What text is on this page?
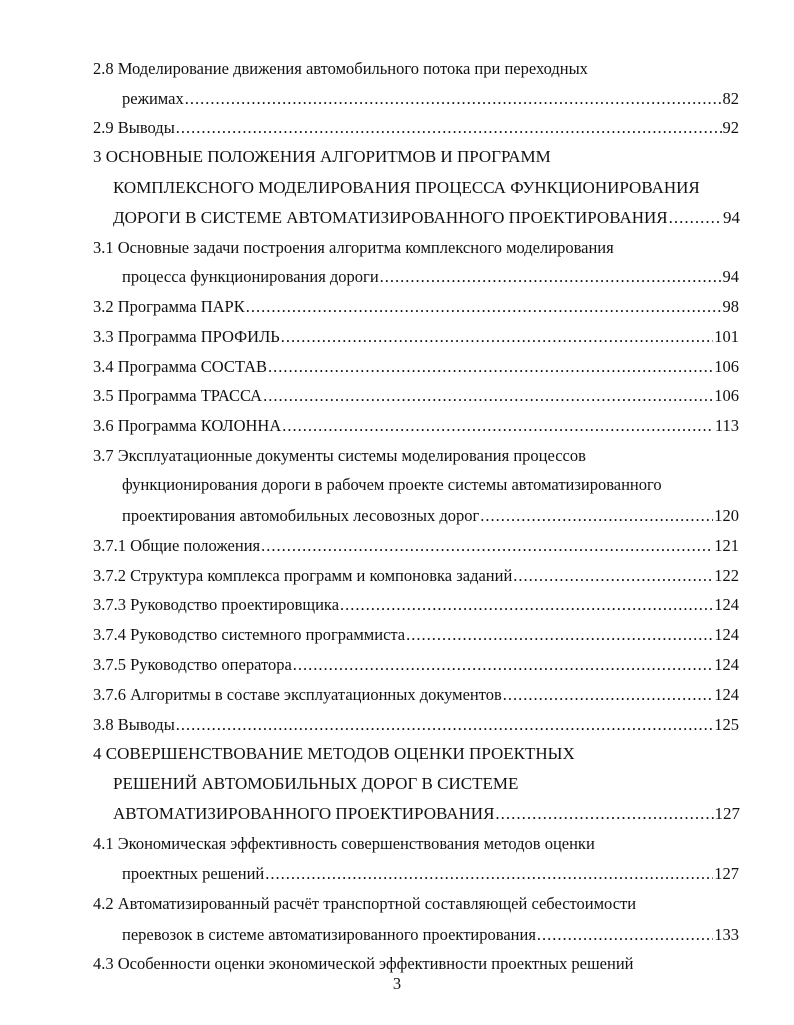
2.8 Моделирование движения автомобильного потока при переходных
режимах .....	82
2.9 Выводы .....	92
3 ОСНОВНЫЕ ПОЛОЖЕНИЯ АЛГОРИТМОВ И ПРОГРАММ
КОМПЛЕКСНОГО МОДЕЛИРОВАНИЯ ПРОЦЕССА ФУНКЦИОНИРОВАНИЯ
ДОРОГИ В СИСТЕМЕ АВТОМАТИЗИРОВАННОГО ПРОЕКТИРОВАНИЯ .....	94
3.1 Основные задачи построения алгоритма комплексного моделирования
процесса функционирования дороги .....	94
3.2 Программа ПАРК .....	98
3.3 Программа ПРОФИЛЬ .....	101
3.4 Программа СОСТАВ .....	106
3.5 Программа ТРАССА .....	106
3.6 Программа КОЛОННА .....	113
3.7 Эксплуатационные документы системы моделирования процессов
функционирования дороги в рабочем проекте системы автоматизированного
проектирования автомобильных лесовозных дорог .....	120
3.7.1 Общие положения .....	121
3.7.2 Структура комплекса программ и компоновка заданий .....	122
3.7.3 Руководство проектировщика .....	124
3.7.4 Руководство системного программиста .....	124
3.7.5 Руководство оператора .....	124
3.7.6 Алгоритмы в составе эксплуатационных документов .....	124
3.8 Выводы .....	125
4 СОВЕРШЕНСТВОВАНИЕ МЕТОДОВ ОЦЕНКИ ПРОЕКТНЫХ
РЕШЕНИЙ АВТОМОБИЛЬНЫХ ДОРОГ В СИСТЕМЕ
АВТОМАТИЗИРОВАННОГО ПРОЕКТИРОВАНИЯ .....	127
4.1 Экономическая эффективность совершенствования методов оценки
проектных решений .....	127
4.2 Автоматизированный расчёт транспортной составляющей себестоимости
перевозок в системе автоматизированного проектирования .....	133
4.3 Особенности оценки экономической эффективности проектных решений
3
